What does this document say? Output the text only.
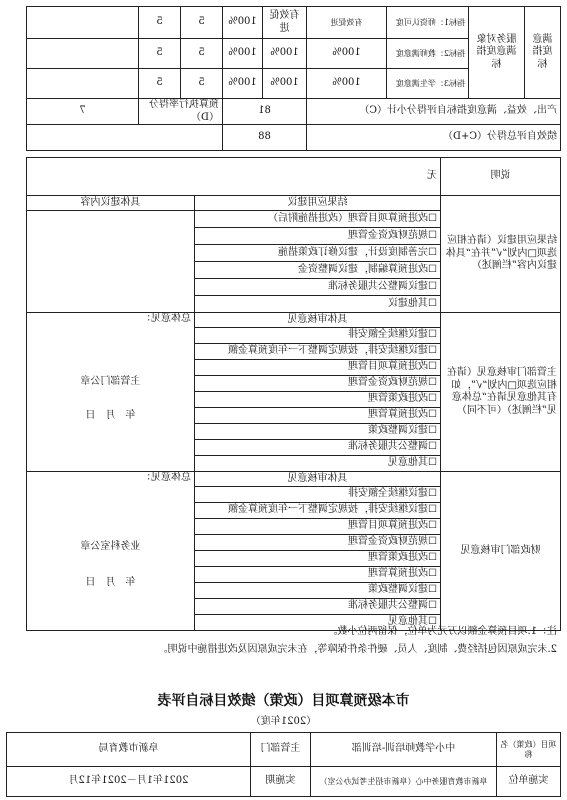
满意度指标	服务对象满意度指标	指标1：师资认可度	有效促进	有效促进	100%	5	5	
		指标2：教师满意度	100%	100%	100%	5	5	
		指标3：学生满意度	100%	100%	100%	5	5	
产出、效益、满意度指标自评得分小计（C）				81		预算执行率得分（D）		7
绩效自评总得分（C+D）				88				
说明	无	
结果应用建议（请在相应选项□内划“√”并在“具体建议内容”栏阐述）	结果应用建议	具体建议内容
	☐改进预算项目管理（改进措施附后）	
	☐规范财政资金管理	
	☐完善制度设计，建议修订政策措施	
	☐改进预算编制，建议调整资金	
	☐建议调整公共服务标准	
	☐其他建议	
主管部门审核意见（请在相应选项□内划“√”，如有其他意见请在“总体意见”栏阐述）（可不同）	具体审核意见	总体意见：
主管部门公章
年　月　日

	☐建议继续全额安排	
	☐建议继续安排，按规定调整下一年度预算金额	
	☐改进预算项目管理	
	☐规范财政资金管理	
	☐改进政策管理	
	☐改进预算管理	
	☐建议调整政策	
	☐调整公共服务标准	
	☐其他意见	
财政部门审核意见	具体审核意见	总体意见：
业务科室公章
年　月　日

	☐建议继续全额安排	
	☐建议继续安排，按规定调整下一年度预算金额	
	☐改进预算项目管理	
	☐规范财政资金管理	
	☐改进政策管理	
	☐改进预算管理	
	☐建议调整政策	
	☐调整公共服务标准	
	☐其他意见	
注：1.项目预算金额以万元为单位，保留两位小数。
2.未完成原因包括经费、制度、人员、硬件条件保障等，在未完成原因及改进措施中说明。
市本级预算项目（政策）绩效目标自评表
（2021年度）
项目（政策）名称	中小学教师培训-培训部	主管部门	阜新市教育局
实施单位	阜新市教育服务中心（阜新市招生考试办公室）	实施期	2021年1月－2021年12月
